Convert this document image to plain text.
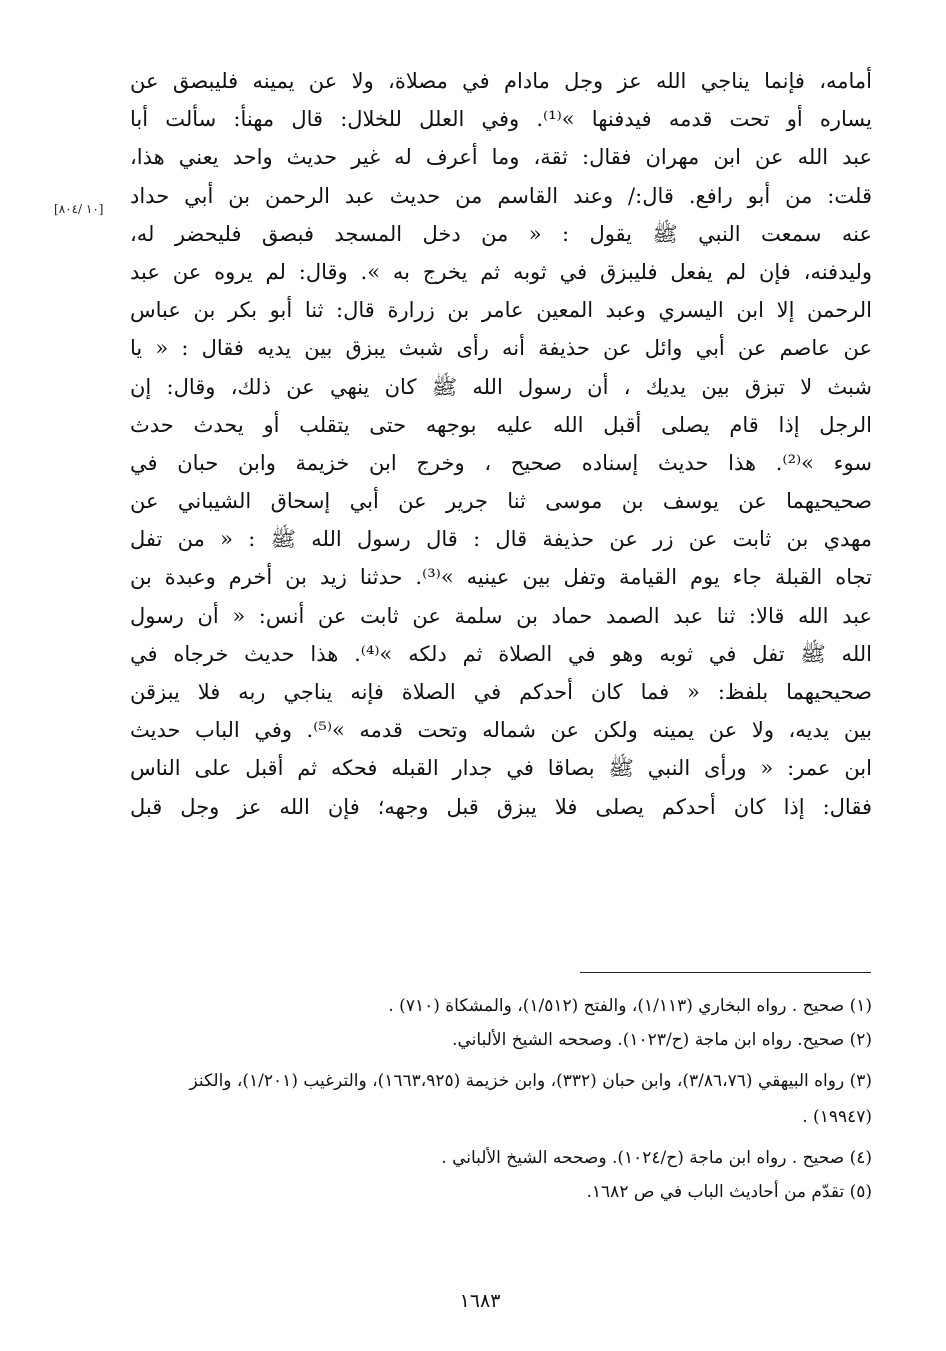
أمامه، فإنما يناجي الله عز وجل مادام في مصلاة، ولا عن يمينه فليبصق عن
يساره أو تحت قدمه فيدفنها »⁽¹⁾. وفي العلل للخلال: قال مهنأ: سألت أبا
عبد الله عن ابن مهران فقال: ثقة، وما أعرف له غير حديث واحد يعني هذا،
قلت: من أبو رافع. قال:/ وعند القاسم من حديث عبد الرحمن بن أبي حداد
عنه سمعت النبي ﷺ يقول : « من دخل المسجد فبصق فليحضر له،
وليدفنه، فإن لم يفعل فليبزق في ثوبه ثم يخرج به ». وقال: لم يروه عن عبد
الرحمن إلا ابن اليسري وعبد المعين عامر بن زرارة قال: ثنا أبو بكر بن عباس
عن عاصم عن أبي وائل عن حذيفة أنه رأى شبث يبزق بين يديه فقال : « يا
شبث لا تبزق بين يديك ، أن رسول الله ﷺ كان ينهي عن ذلك، وقال: إن
الرجل إذا قام يصلى أقبل الله عليه بوجهه حتى يتقلب أو يحدث حدث
سوء »⁽²⁾. هذا حديث إسناده صحيح ، وخرج ابن خزيمة وابن حبان في
صحيحيهما عن يوسف بن موسى ثنا جرير عن أبي إسحاق الشيباني عن
مهدي بن ثابت عن زر عن حذيفة قال : قال رسول الله ﷺ : « من تفل
تجاه القبلة جاء يوم القيامة وتفل بين عينيه »⁽³⁾. حدثنا زيد بن أخرم وعبدة بن
عبد الله قالا: ثنا عبد الصمد حماد بن سلمة عن ثابت عن أنس: « أن رسول
الله ﷺ تفل في ثوبه وهو في الصلاة ثم دلكه »⁽⁴⁾. هذا حديث خرجاه في
صحيحيهما بلفظ: « فما كان أحدكم في الصلاة فإنه يناجي ربه فلا يبزقن
بين يديه، ولا عن يمينه ولكن عن شماله وتحت قدمه »⁽⁵⁾. وفي الباب حديث
ابن عمر: « ورأى النبي ﷺ بصاقا في جدار القبله فحكه ثم أقبل على الناس
فقال: إذا كان أحدكم يصلى فلا يبزق قبل وجهه؛ فإن الله عز وجل قبل
[١٠ /٨٠٤]
(١) صحيح . رواه البخاري (١/١١٣)، والفتح (١/٥١٢)، والمشكاة (٧١٠) .
(٢) صحيح. رواه ابن ماجة (ح/١٠٢٣). وصححه الشيخ الألباني.
(٣) رواه البيهقي (٣/٨٦،٧٦)، وابن حبان (٣٣٢)، وابن خزيمة (١٦٦٣،٩٢٥)، والترغيب (١/٢٠١)، والكنز (١٩٩٤٧) .
(٤) صحيح . رواه ابن ماجة (ح/١٠٢٤). وصححه الشيخ الألباني .
(٥) تقدّم من أحاديث الباب في ص ١٦٨٢.
١٦٨٣
